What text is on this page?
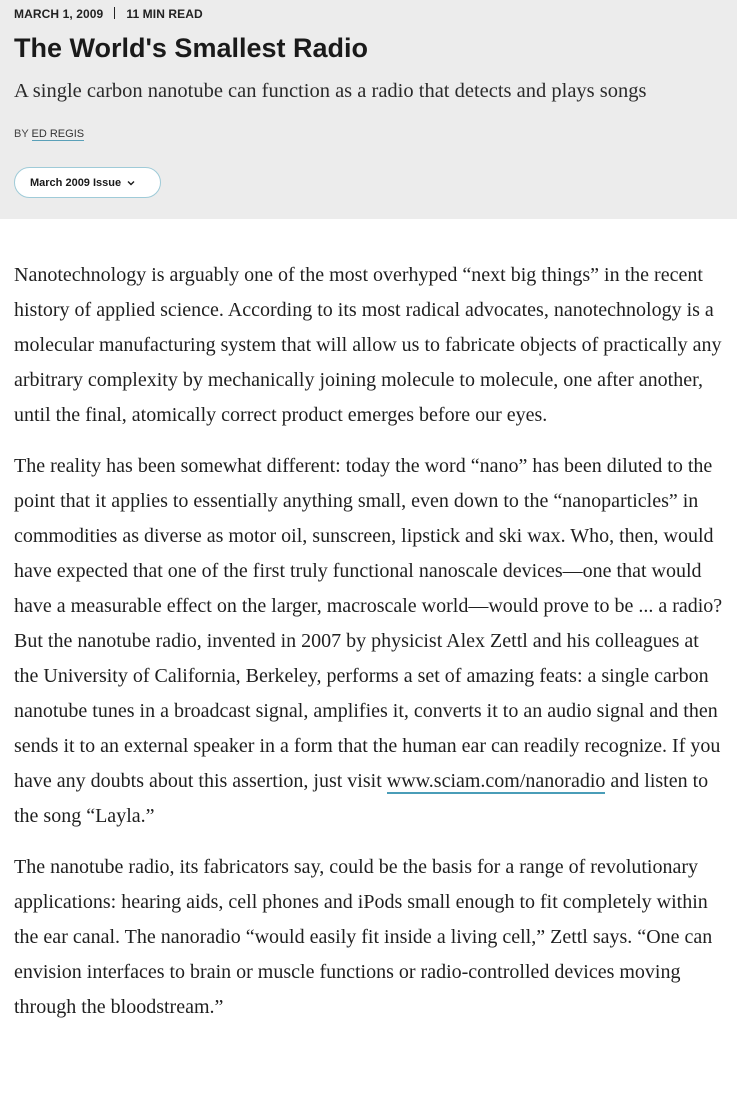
MARCH 1, 2009 11 MIN READ
The World's Smallest Radio
A single carbon nanotube can function as a radio that detects and plays songs
BY ED REGIS
March 2009 Issue

Nanotechnology is arguably one of the most overhyped “next big things” in the recent history of applied science. According to its most radical advocates, nanotechnology is a molecular manufacturing system that will allow us to fabricate objects of practically any arbitrary complexity by mechanically joining molecule to molecule, one after another, until the final, atomically correct product emerges before our eyes.

The reality has been somewhat different: today the word “nano” has been diluted to the point that it applies to essentially anything small, even down to the “nanoparticles” in commodities as diverse as motor oil, sunscreen, lipstick and ski wax. Who, then, would have expected that one of the first truly functional nanoscale devices—one that would have a measurable effect on the larger, macroscale world—would prove to be ... a radio? But the nanotube radio, invented in 2007 by physicist Alex Zettl and his colleagues at the University of California, Berkeley, performs a set of amazing feats: a single carbon nanotube tunes in a broadcast signal, amplifies it, converts it to an audio signal and then sends it to an external speaker in a form that the human ear can readily recognize. If you have any doubts about this assertion, just visit www.sciam.com/nanoradio and listen to the song “Layla.”

The nanotube radio, its fabricators say, could be the basis for a range of revolutionary applications: hearing aids, cell phones and iPods small enough to fit completely within the ear canal. The nanoradio “would easily fit inside a living cell,” Zettl says. “One can envision interfaces to brain or muscle functions or radio-controlled devices moving through the bloodstream.”
